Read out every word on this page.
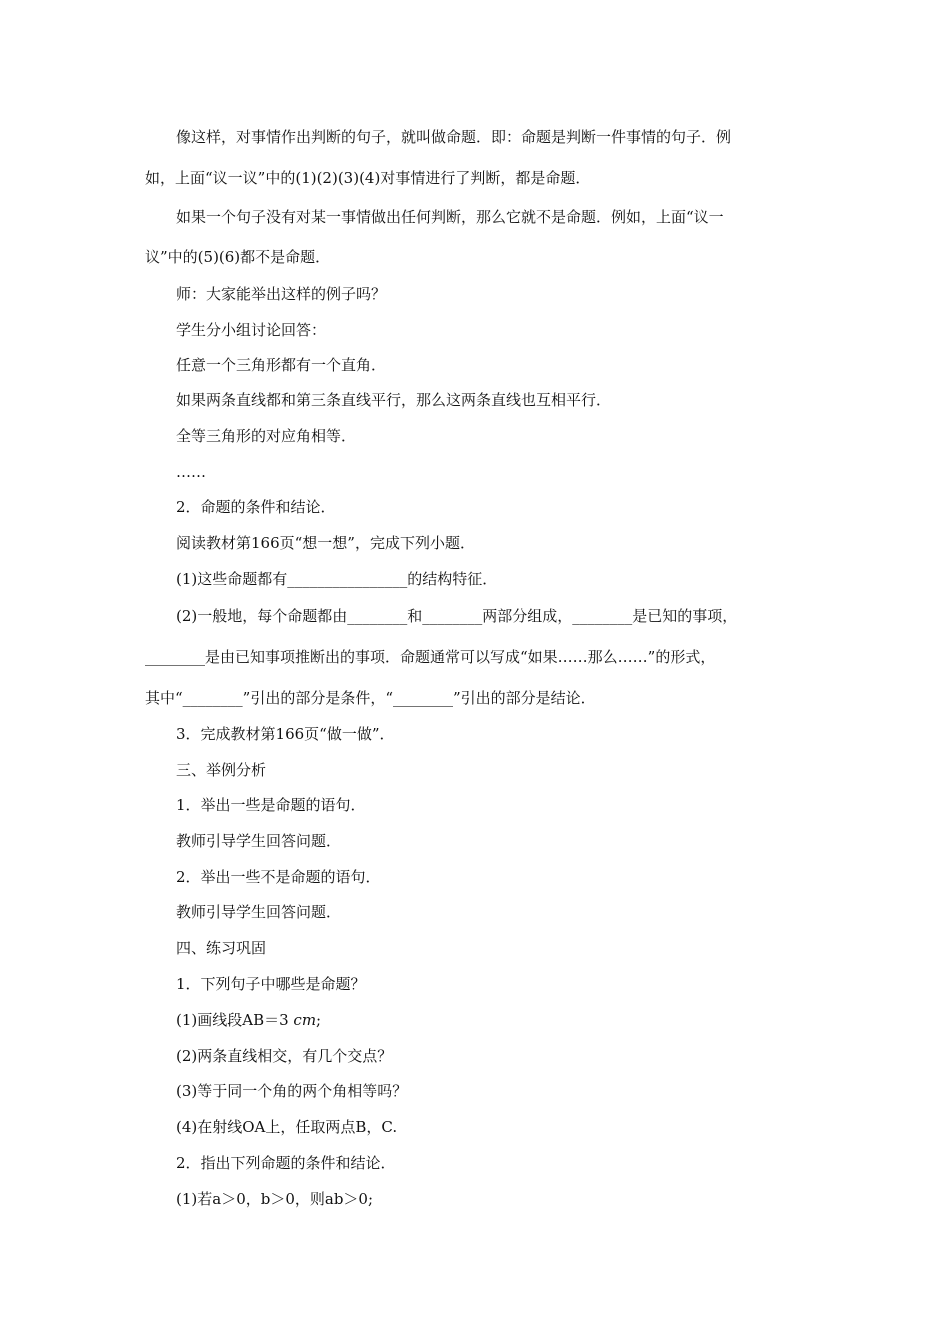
像这样，对事情作出判断的句子，就叫做命题．即：命题是判断一件事情的句子．例
如，上面“议一议”中的(1)(2)(3)(4)对事情进行了判断，都是命题．
如果一个句子没有对某一事情做出任何判断，那么它就不是命题．例如，上面“议一
议”中的(5)(6)都不是命题．
师：大家能举出这样的例子吗？
学生分小组讨论回答：
任意一个三角形都有一个直角．
如果两条直线都和第三条直线平行，那么这两条直线也互相平行．
全等三角形的对应角相等．
……
2．命题的条件和结论．
阅读教材第166页“想一想”，完成下列小题．
(1)这些命题都有________________的结构特征．
(2)一般地，每个命题都由________和________两部分组成，________是已知的事项，
________是由已知事项推断出的事项．命题通常可以写成“如果……那么……”的形式，
其中“________”引出的部分是条件，“________”引出的部分是结论．
3．完成教材第166页“做一做”．
三、举例分析
1．举出一些是命题的语句．
教师引导学生回答问题．
2．举出一些不是命题的语句．
教师引导学生回答问题．
四、练习巩固
1．下列句子中哪些是命题？
(1)画线段AB＝3 cm;
(2)两条直线相交，有几个交点？
(3)等于同一个角的两个角相等吗？
(4)在射线OA上，任取两点B，C.
2．指出下列命题的条件和结论．
(1)若a＞0，b＞0，则ab＞0;
